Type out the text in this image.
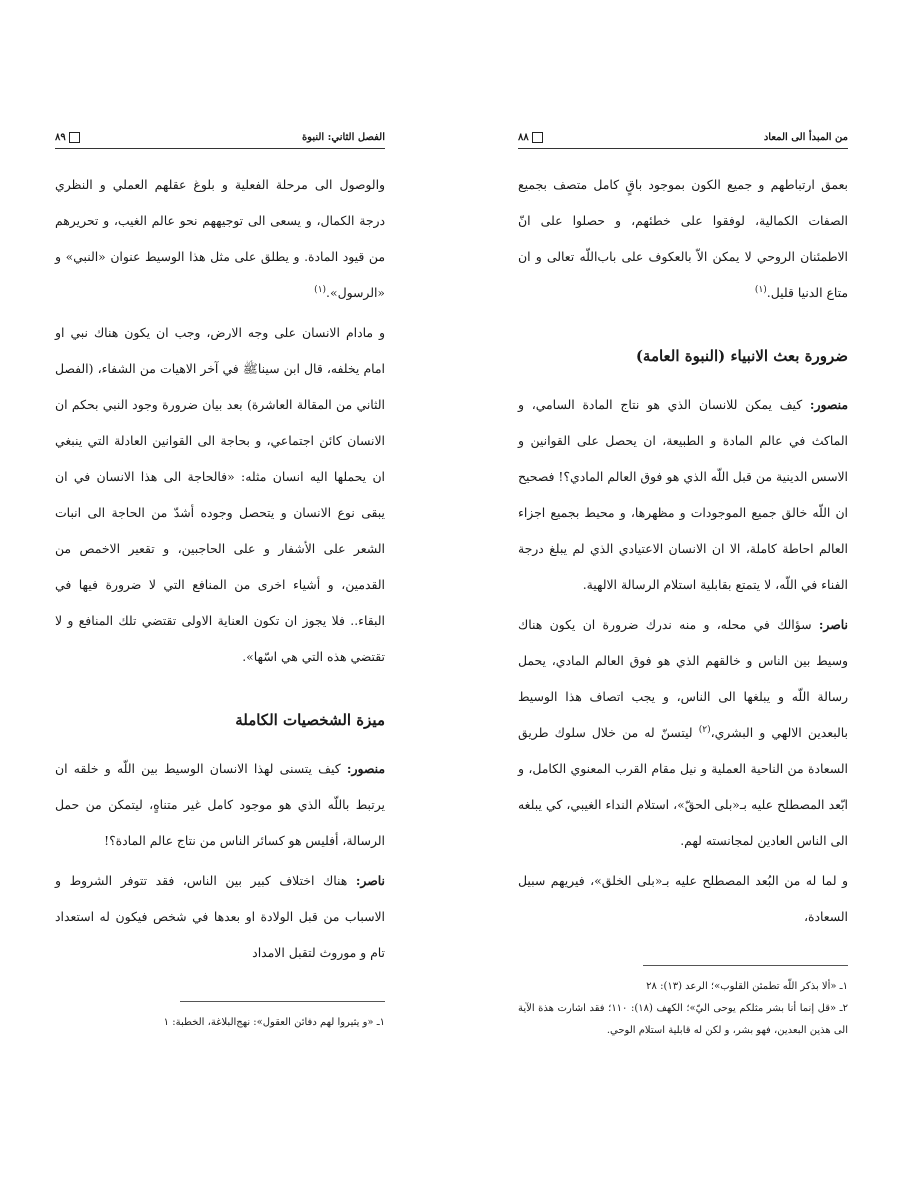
الفصل الثاني: النبوة
٨٩

والوصول الى مرحلة الفعلية و بلوغ عقلهم العملي و النظري درجة الكمال، و يسعى الى توجيههم نحو عالم الغيب، و تحريرهم من قيود المادة. و يطلق على مثل هذا الوسيط عنوان «النبي» و «الرسول».$^{(١)}$

و مادام الانسان على وجه الارض، وجب ان يكون هناك نبي او امام يخلفه، قال ابن سيناﷺ في آخر الاهيات من الشفاء، (الفصل الثاني من المقالة العاشرة) بعد بيان ضرورة وجود النبي بحكم ان الانسان كائن اجتماعي، و بحاجة الى القوانين العادلة التي ينبغي ان يحملها اليه انسان مثله: «فالحاجة الى هذا الانسان في ان يبقى نوع الانسان و يتحصل وجوده أشدّ من الحاجة الى انبات الشعر على الأشفار و على الحاجبين، و تقعير الاخمص من القدمين، و أشياء اخرى من المنافع التي لا ضرورة فيها في البقاء.. فلا يجوز ان تكون العناية الاولى تقتضي تلك المنافع و لا تقتضي هذه التي هي اسّها».

ميزة الشخصيات الكاملة

منصور: كيف يتسنى لهذا الانسان الوسيط بين اللّه و خلقه ان يرتبط باللّه الذي هو موجود كامل غير متناهٍ، ليتمكن من حمل الرسالة، أفليس هو كسائر الناس من نتاج عالم المادة؟!

ناصر: هناك اختلاف كبير بين الناس، فقد تتوفر الشروط و الاسباب من قبل الولادة او بعدها في شخص فيكون له استعداد تام و موروث لتقبل الامداد

١ـ «و يثيروا لهم دفائن العقول»: نهج‌البلاغة، الخطبة: ١

من المبدأ الى المعاد
٨٨

بعمق ارتباطهم و جميع الكون بموجود باقٍ كامل متصف بجميع الصفات الكمالية، لوفقوا على خطئهم، و حصلوا على انّ الاطمئنان الروحي لا يمكن الاّ بالعكوف على باب‌اللّه تعالى و ان متاع الدنيا قليل.$^{(١)}$

ضرورة بعث الانبياء (النبوة العامة)

منصور: كيف يمكن للانسان الذي هو نتاج المادة السامي، و الماكث في عالم المادة و الطبيعة، ان يحصل على القوانين و الاسس الدينية من قبل اللّه الذي هو فوق العالم المادي؟! فصحيح ان اللّه خالق جميع الموجودات و مظهرها، و محيط بجميع اجزاء العالم احاطة كاملة، الا ان الانسان الاعتيادي الذي لم يبلغ درجة الفناء في اللّه، لا يتمتع بقابلية استلام الرسالة الالهية.

ناصر: سؤالك في محله، و منه ندرك ضرورة ان يكون هناك وسيط بين الناس و خالقهم الذي هو فوق العالم المادي، يحمل رسالة اللّه و يبلغها الى الناس، و يجب اتصاف هذا الوسيط بالبعدين الالهي و البشري،$^{(٢)}$ ليتسنّ له من خلال سلوك طريق السعادة من الناحية العملية و نيل مقام القرب المعنوي الكامل، و ابّعد المصطلح عليه بـ«بلى الحقّ»، استلام النداء الغيبي، كي يبلغه الى الناس العادين لمجانسته لهم.

و لما له من البُعد المصطلح عليه بـ«بلى الخلق»، فيريهم سبيل السعادة،

١ـ «ألا بذكر اللّه تطمئن القلوب»؛ الرعد (١٣): ٢٨

٢ـ «قل إنما أنا بشر مثلكم يوحى اليّ»؛ الكهف (١٨): ١١٠؛ فقد اشارت هذة الآية الى هذين البعدين، فهو بشر، و لكن له قابلية استلام الوحي.
